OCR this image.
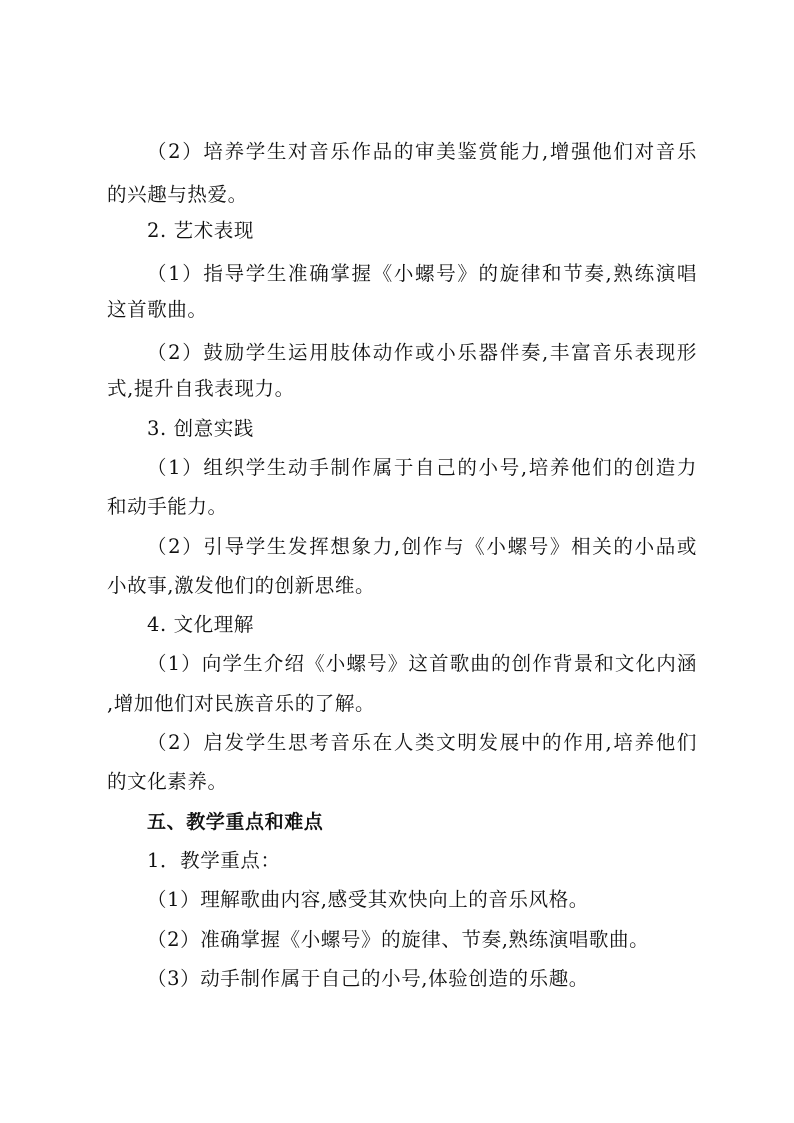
（2）培养学生对音乐作品的审美鉴赏能力,增强他们对音乐
的兴趣与热爱。
2. 艺术表现
（1）指导学生准确掌握《小螺号》的旋律和节奏,熟练演唱
这首歌曲。
（2）鼓励学生运用肢体动作或小乐器伴奏,丰富音乐表现形
式,提升自我表现力。
3. 创意实践
（1）组织学生动手制作属于自己的小号,培养他们的创造力
和动手能力。
（2）引导学生发挥想象力,创作与《小螺号》相关的小品或
小故事,激发他们的创新思维。
4. 文化理解
（1）向学生介绍《小螺号》这首歌曲的创作背景和文化内涵
,增加他们对民族音乐的了解。
（2）启发学生思考音乐在人类文明发展中的作用,培养他们
的文化素养。
五、教学重点和难点
1．教学重点：
（1）理解歌曲内容,感受其欢快向上的音乐风格。
（2）准确掌握《小螺号》的旋律、节奏,熟练演唱歌曲。
（3）动手制作属于自己的小号,体验创造的乐趣。
